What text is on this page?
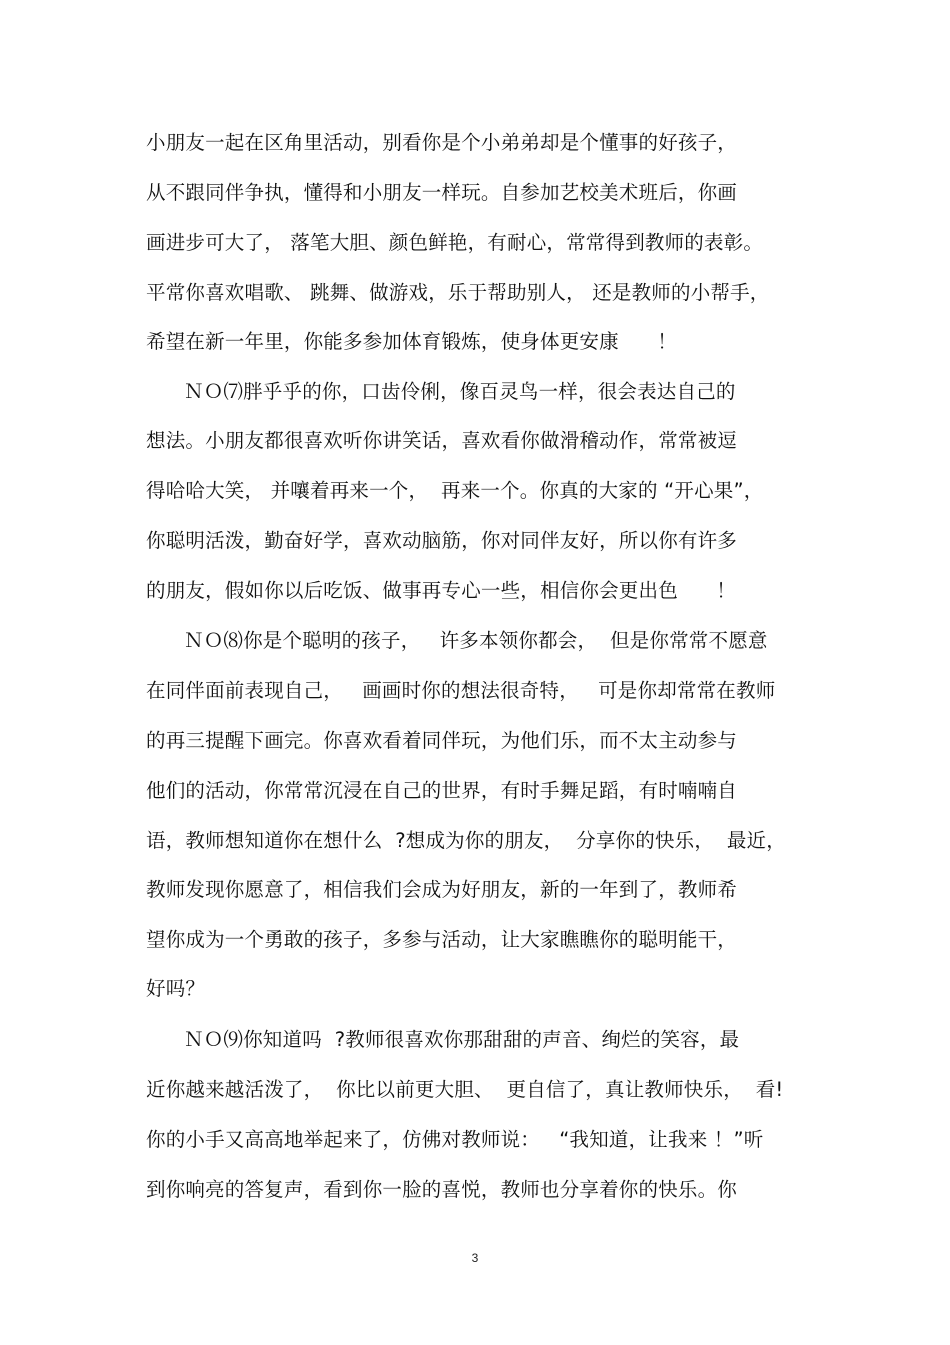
小朋友一起在区角里活动，别看你是个小弟弟却是个懂事的好孩子，
从不跟同伴争执，懂得和小朋友一样玩。自参加艺校美术班后，你画
画进步可大了， 落笔大胆、颜色鲜艳，有耐心，常常得到教师的表彰。
平常你喜欢唱歌、 跳舞、做游戏，乐于帮助别人， 还是教师的小帮手，
希望在新一年里，你能多参加体育锻炼，使身体更安康      ！
ＮＯ⑺胖乎乎的你，口齿伶俐，像百灵鸟一样，很会表达自己的
想法。小朋友都很喜欢听你讲笑话，喜欢看你做滑稽动作，常常被逗
得哈哈大笑， 并嚷着再来一个，  再来一个。你真的大家的 “开心果”，
你聪明活泼，勤奋好学，喜欢动脑筋，你对同伴友好，所以你有许多
的朋友，假如你以后吃饭、做事再专心一些，相信你会更出色      ！
ＮＯ⑻你是个聪明的孩子，   许多本领你都会，  但是你常常不愿意
在同伴面前表现自己，   画画时你的想法很奇特，   可是你却常常在教师
的再三提醒下画完。你喜欢看着同伴玩，为他们乐，而不太主动参与
他们的活动，你常常沉浸在自己的世界，有时手舞足蹈，有时喃喃自
语，教师想知道你在想什么  ?想成为你的朋友，  分享你的快乐，  最近，
教师发现你愿意了，相信我们会成为好朋友，新的一年到了，教师希
望你成为一个勇敢的孩子，多参与活动，让大家瞧瞧你的聪明能干，
好吗？
ＮＯ⑼你知道吗  ?教师很喜欢你那甜甜的声音、绚烂的笑容，最
近你越来越活泼了，  你比以前更大胆、  更自信了，真让教师快乐，  看!
你的小手又高高地举起来了，仿佛对教师说：   “我知道，让我来 ！”听
到你响亮的答复声，看到你一脸的喜悦，教师也分享着你的快乐。你
3
